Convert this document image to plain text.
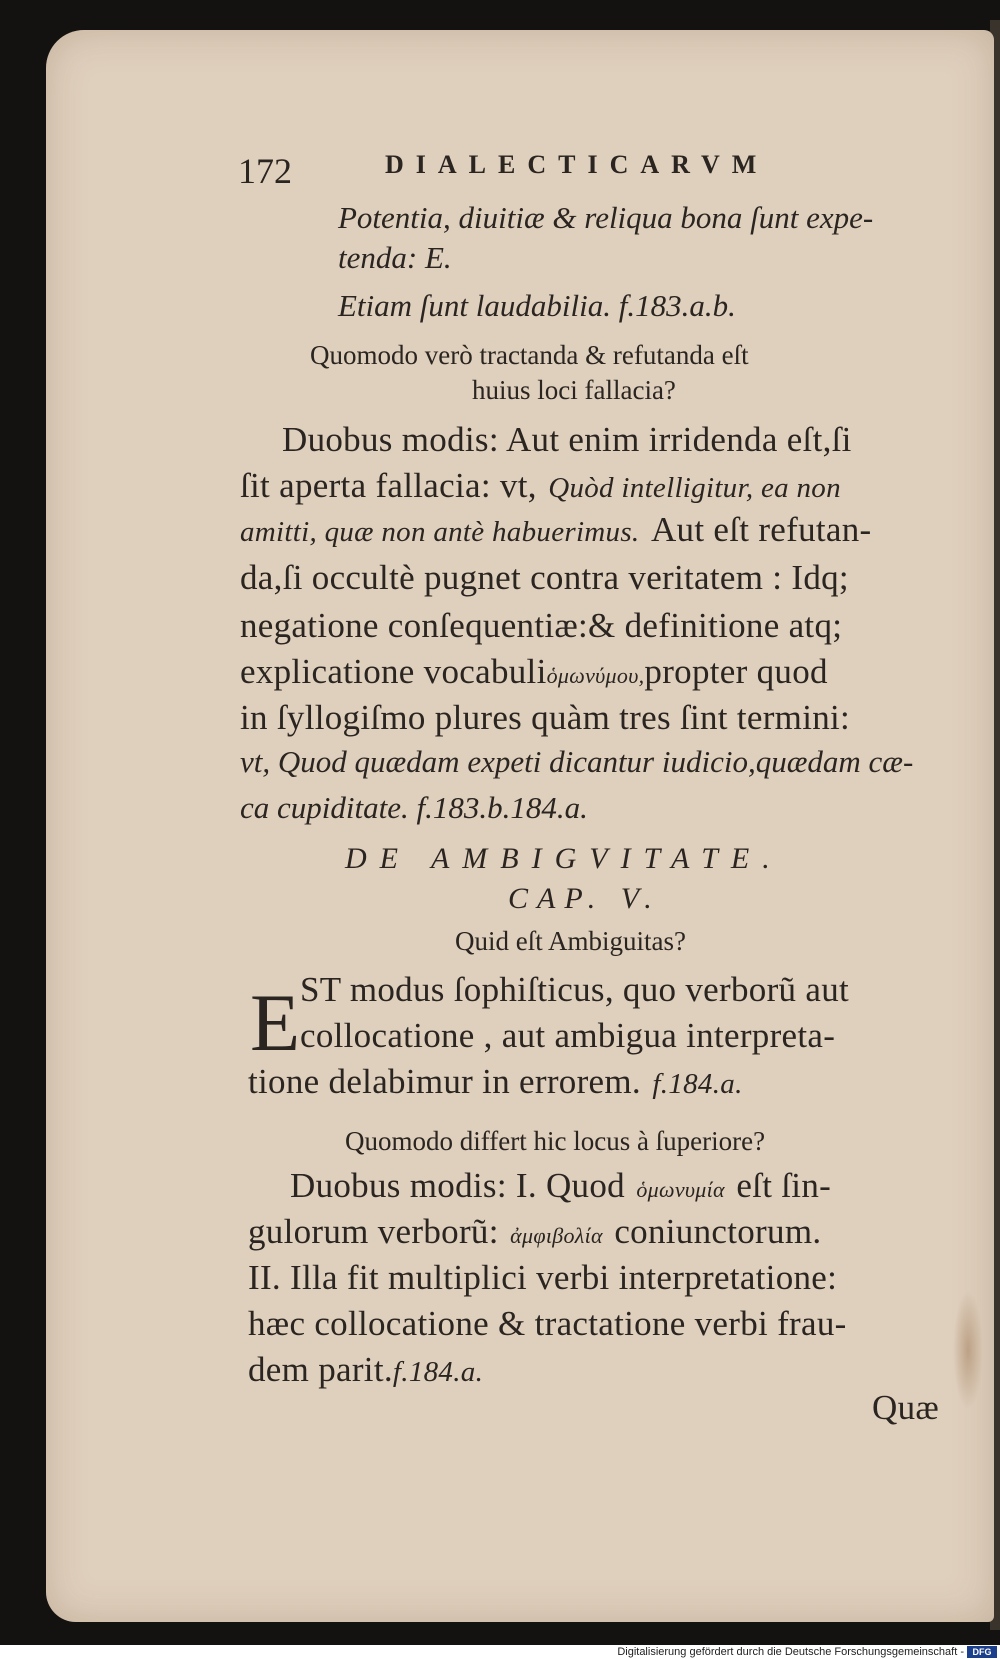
172	DIALECTICARVM
Potentia, diuitiæ & reliqua bona ſunt expe-
tenda: E.
Etiam ſunt laudabilia. f.183.a.b.
Quomodo verò tractanda & refutanda eſt
huius loci fallacia?
Duobus modis: Aut enim irridenda eſt,ſi
ſit aperta fallacia: vt, Quòd intelligitur, ea non
amitti, quæ non antè habuerimus. Aut eſt refutan-
da,ſi occultè pugnet contra veritatem : Idq;
negatione conſequentiæ:& definitione atq;
explicatione vocabuliὁμωνύμου,propter quod
in ſyllogiſmo plures quàm tres ſint termini:
vt, Quod quædam expeti dicantur iudicio,quædam cæ-
ca cupiditate. f.183.b.184.a.
DE AMBIGVITATE.
CAP. V.
Quid eſt Ambiguitas?
E ST modus ſophiſticus, quo verborũ aut
collocatione , aut ambigua interpreta-
tione delabimur in errorem. f.184.a.
Quomodo differt hic locus à ſuperiore?
Duobus modis: I. Quod ὁμωνυμία eſt ſin-
gulorum verborũ: ἀμφιβολία coniunctorum.
II. Illa fit multiplici verbi interpretatione:
hæc collocatione & tractatione verbi frau-
dem parit.f.184.a.
Quæ
Digitalisierung gefördert durch die Deutsche Forschungsgemeinschaft - DFG
